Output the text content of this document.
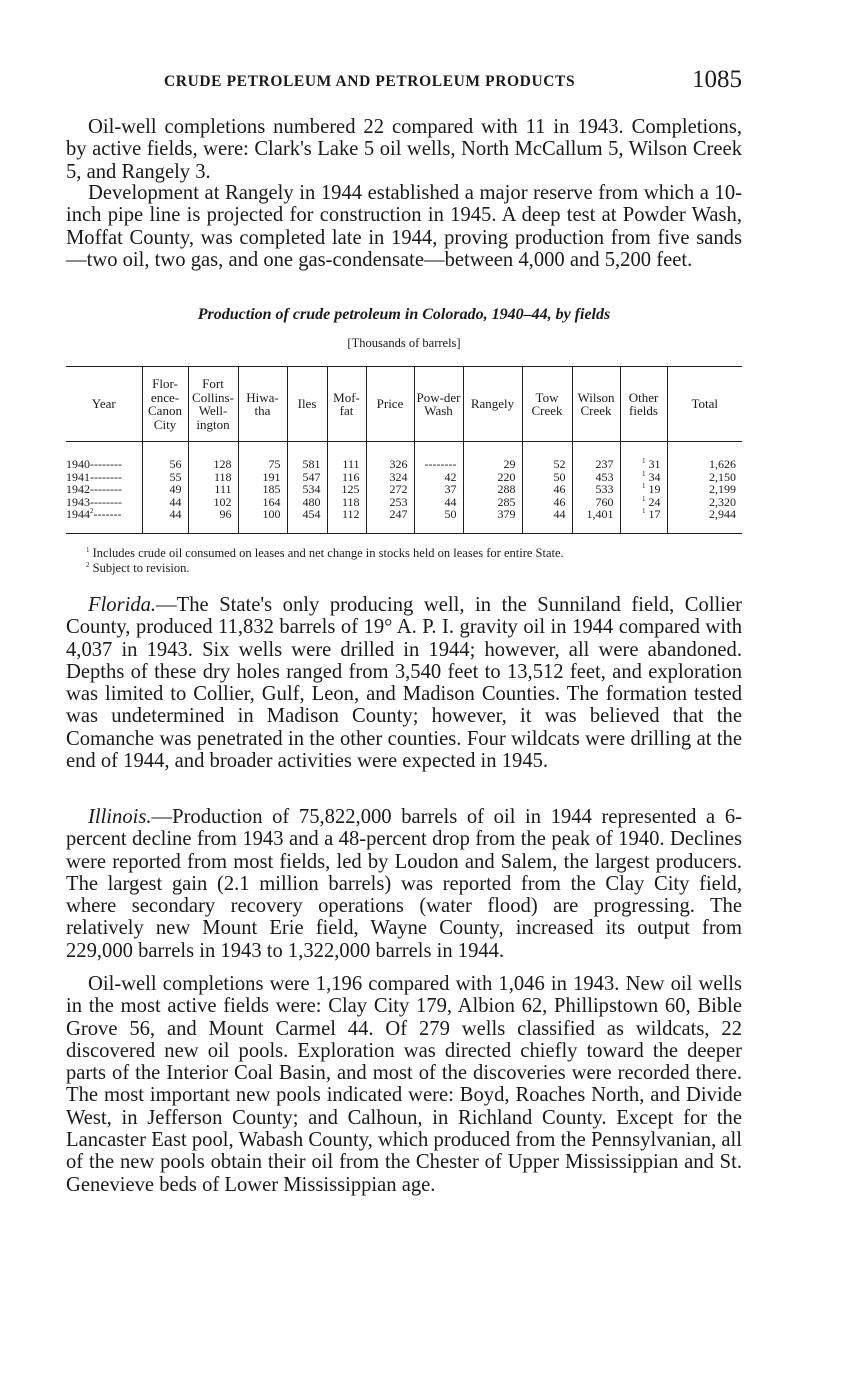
CRUDE PETROLEUM AND PETROLEUM PRODUCTS	1085

Oil-well completions numbered 22 compared with 11 in 1943. Completions, by active fields, were: Clark's Lake 5 oil wells, North McCallum 5, Wilson Creek 5, and Rangely 3.

Development at Rangely in 1944 established a major reserve from which a 10-inch pipe line is projected for construction in 1945. A deep test at Powder Wash, Moffat County, was completed late in 1944, proving production from five sands—two oil, two gas, and one gas-condensate—between 4,000 and 5,200 feet.

Production of crude petroleum in Colorado, 1940–44, by fields
[Thousands of barrels]
Year	Flor-ence-Canon City	Fort Collins-Well-ington	Hiwa-tha	Iles	Mof-fat	Price	Pow-der Wash	Rangely	Tow Creek	Wilson Creek	Other fields	Total
1940--------	56	128	75	581	111	326	--------	29	52	237	$^1$ 31	1,626
1941--------	55	118	191	547	116	324	42	220	50	453	$^1$ 34	2,150
1942--------	49	111	185	534	125	272	37	288	46	533	$^1$ 19	2,199
1943--------	44	102	164	480	118	253	44	285	46	760	$^1$ 24	2,320
1944$^2$-------	44	96	100	454	112	247	50	379	44	1,401	$^1$ 17	2,944
$^1$ Includes crude oil consumed on leases and net change in stocks held on leases for entire State.
$^2$ Subject to revision.

Florida.—The State's only producing well, in the Sunniland field, Collier County, produced 11,832 barrels of 19° A. P. I. gravity oil in 1944 compared with 4,037 in 1943. Six wells were drilled in 1944; however, all were abandoned. Depths of these dry holes ranged from 3,540 feet to 13,512 feet, and exploration was limited to Collier, Gulf, Leon, and Madison Counties. The formation tested was undetermined in Madison County; however, it was believed that the Comanche was penetrated in the other counties. Four wildcats were drilling at the end of 1944, and broader activities were expected in 1945.

Illinois.—Production of 75,822,000 barrels of oil in 1944 represented a 6-percent decline from 1943 and a 48-percent drop from the peak of 1940. Declines were reported from most fields, led by Loudon and Salem, the largest producers. The largest gain (2.1 million barrels) was reported from the Clay City field, where secondary recovery operations (water flood) are progressing. The relatively new Mount Erie field, Wayne County, increased its output from 229,000 barrels in 1943 to 1,322,000 barrels in 1944.

Oil-well completions were 1,196 compared with 1,046 in 1943. New oil wells in the most active fields were: Clay City 179, Albion 62, Phillipstown 60, Bible Grove 56, and Mount Carmel 44. Of 279 wells classified as wildcats, 22 discovered new oil pools. Exploration was directed chiefly toward the deeper parts of the Interior Coal Basin, and most of the discoveries were recorded there. The most important new pools indicated were: Boyd, Roaches North, and Divide West, in Jefferson County; and Calhoun, in Richland County. Except for the Lancaster East pool, Wabash County, which produced from the Pennsylvanian, all of the new pools obtain their oil from the Chester of Upper Mississippian and St. Genevieve beds of Lower Mississippian age.
